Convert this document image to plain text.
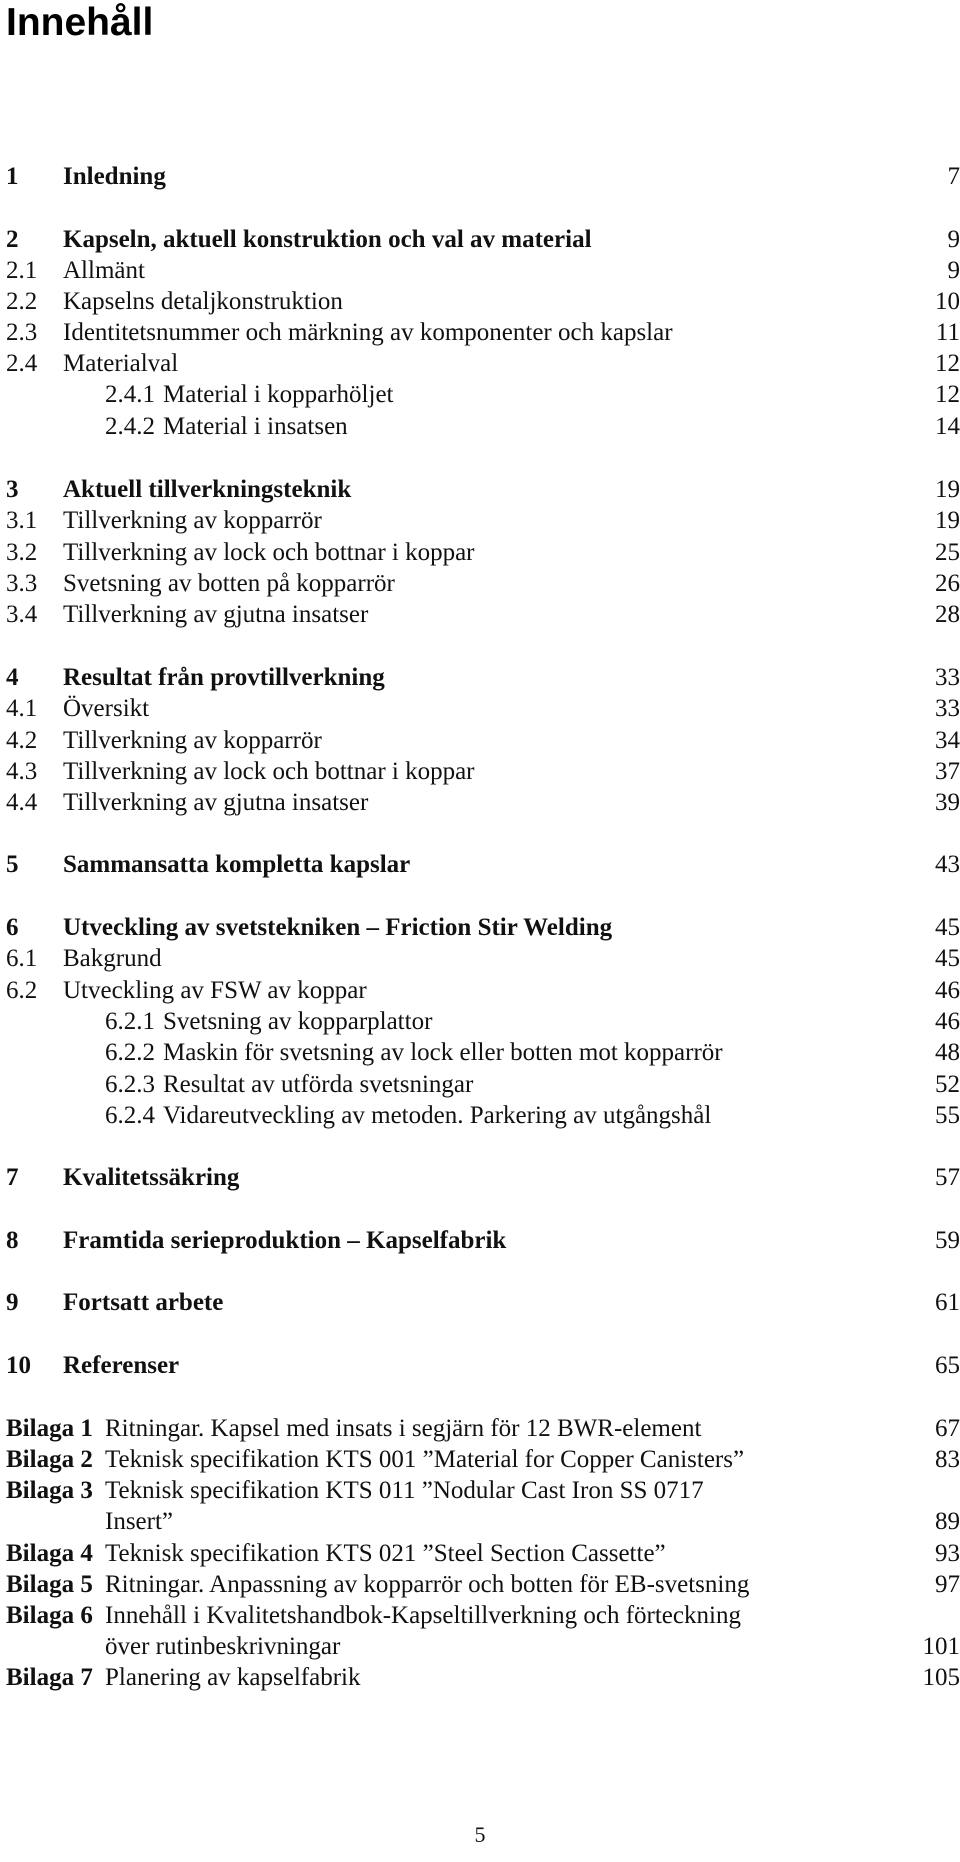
Innehåll
1 Inledning	7
2 Kapseln, aktuell konstruktion och val av material	9
2.1 Allmänt	9
2.2 Kapselns detaljkonstruktion	10
2.3 Identitetsnummer och märkning av komponenter och kapslar	11
2.4 Materialval	12
2.4.1 Material i kopparhöljet	12
2.4.2 Material i insatsen	14
3 Aktuell tillverkningsteknik	19
3.1 Tillverkning av kopparrör	19
3.2 Tillverkning av lock och bottnar i koppar	25
3.3 Svetsning av botten på kopparrör	26
3.4 Tillverkning av gjutna insatser	28
4 Resultat från provtillverkning	33
4.1 Översikt	33
4.2 Tillverkning av kopparrör	34
4.3 Tillverkning av lock och bottnar i koppar	37
4.4 Tillverkning av gjutna insatser	39
5 Sammansatta kompletta kapslar	43
6 Utveckling av svetstekniken – Friction Stir Welding	45
6.1 Bakgrund	45
6.2 Utveckling av FSW av koppar	46
6.2.1 Svetsning av kopparplattor	46
6.2.2 Maskin för svetsning av lock eller botten mot kopparrör	48
6.2.3 Resultat av utförda svetsningar	52
6.2.4 Vidareutveckling av metoden. Parkering av utgångshål	55
7 Kvalitetssäkring	57
8 Framtida serieproduktion – Kapselfabrik	59
9 Fortsatt arbete	61
10 Referenser	65
Bilaga 1 Ritningar. Kapsel med insats i segjärn för 12 BWR-element	67
Bilaga 2 Teknisk specifikation KTS 001 ”Material for Copper Canisters”	83
Bilaga 3 Teknisk specifikation KTS 011 ”Nodular Cast Iron SS 0717
Insert”	89
Bilaga 4 Teknisk specifikation KTS 021 ”Steel Section Cassette”	93
Bilaga 5 Ritningar. Anpassning av kopparrör och botten för EB-svetsning	97
Bilaga 6 Innehåll i Kvalitetshandbok-Kapseltillverkning och förteckning
över rutinbeskrivningar	101
Bilaga 7 Planering av kapselfabrik	105
5
